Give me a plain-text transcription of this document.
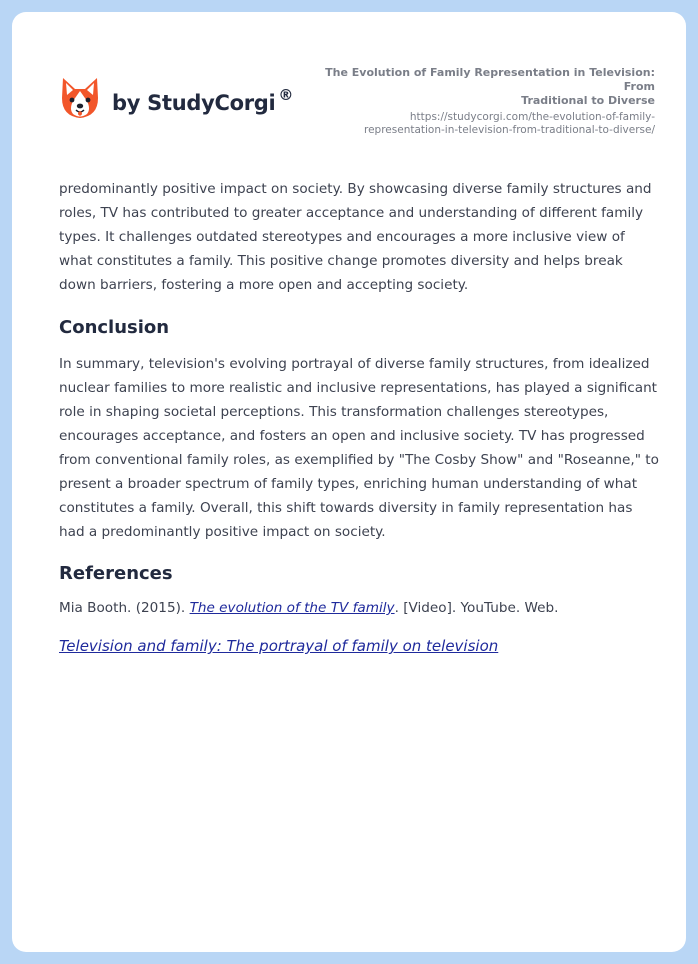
by StudyCorgi ®
The Evolution of Family Representation in Television: From
Traditional to Diverse
https://studycorgi.com/the-evolution-of-family-
representation-in-television-from-traditional-to-diverse/

predominantly positive impact on society. By showcasing diverse family structures and roles, TV has contributed to greater acceptance and understanding of different family types. It challenges outdated stereotypes and encourages a more inclusive view of what constitutes a family. This positive change promotes diversity and helps break down barriers, fostering a more open and accepting society.

Conclusion

In summary, television's evolving portrayal of diverse family structures, from idealized nuclear families to more realistic and inclusive representations, has played a significant role in shaping societal perceptions. This transformation challenges stereotypes, encourages acceptance, and fosters an open and inclusive society. TV has progressed from conventional family roles, as exemplified by "The Cosby Show" and "Roseanne," to present a broader spectrum of family types, enriching human understanding of what constitutes a family. Overall, this shift towards diversity in family representation has had a predominantly positive impact on society.

References

Mia Booth. (2015). The evolution of the TV family. [Video]. YouTube. Web.

Television and family: The portrayal of family on television
